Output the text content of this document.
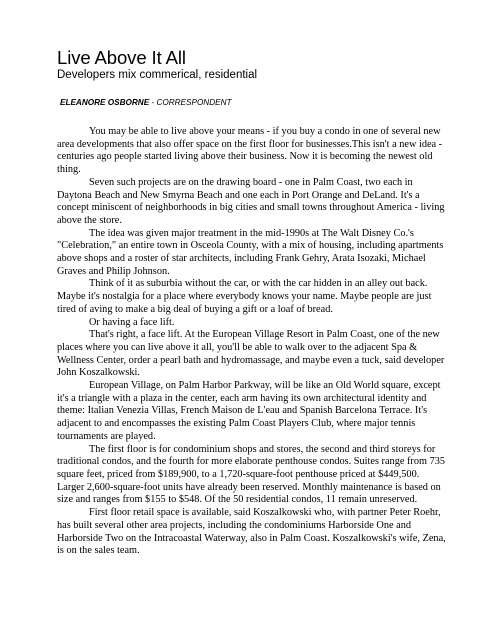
Live Above It All
Developers mix commerical, residential
ELEANORE OSBORNE - CORRESPONDENT

You may be able to live above your means - if you buy a condo in one of several new area developments that also offer space on the first floor for businesses.This isn't a new idea - centuries ago people started living above their business. Now it is becoming the newest old thing.

Seven such projects are on the drawing board - one in Palm Coast, two each in Daytona Beach and New Smyrna Beach and one each in Port Orange and DeLand. It's a concept miniscent of neighborhoods in big cities and small towns throughout America - living above the store.

The idea was given major treatment in the mid-1990s at The Walt Disney Co.'s "Celebration," an entire town in Osceola County, with a mix of housing, including apartments above shops and a roster of star architects, including Frank Gehry, Arata Isozaki, Michael Graves and Philip Johnson.

Think of it as suburbia without the car, or with the car hidden in an alley out back. Maybe it's nostalgia for a place where everybody knows your name. Maybe people are just tired of aving to make a big deal of buying a gift or a loaf of bread.

Or having a face lift.

That's right, a face lift. At the European Village Resort in Palm Coast, one of the new places where you can live above it all, you'll be able to walk over to the adjacent Spa & Wellness Center, order a pearl bath and hydromassage, and maybe even a tuck, said developer John Koszalkowski.

European Village, on Palm Harbor Parkway, will be like an Old World square, except it's a triangle with a plaza in the center, each arm having its own architectural identity and theme: Italian Venezia Villas, French Maison de L'eau and Spanish Barcelona Terrace. It's adjacent to and encompasses the existing Palm Coast Players Club, where major tennis tournaments are played.

The first floor is for condominium shops and stores, the second and third storeys for traditional condos, and the fourth for more elaborate penthouse condos. Suites range from 735 square feet, priced from $189,900, to a 1,720-square-foot penthouse priced at $449,500. Larger 2,600-square-foot units have already been reserved. Monthly maintenance is based on size and ranges from $155 to $548. Of the 50 residential condos, 11 remain unreserved.

First floor retail space is available, said Koszalkowski who, with partner Peter Roehr, has built several other area projects, including the condominiums Harborside One and Harborside Two on the Intracoastal Waterway, also in Palm Coast. Koszalkowski's wife, Zena, is on the sales team.
